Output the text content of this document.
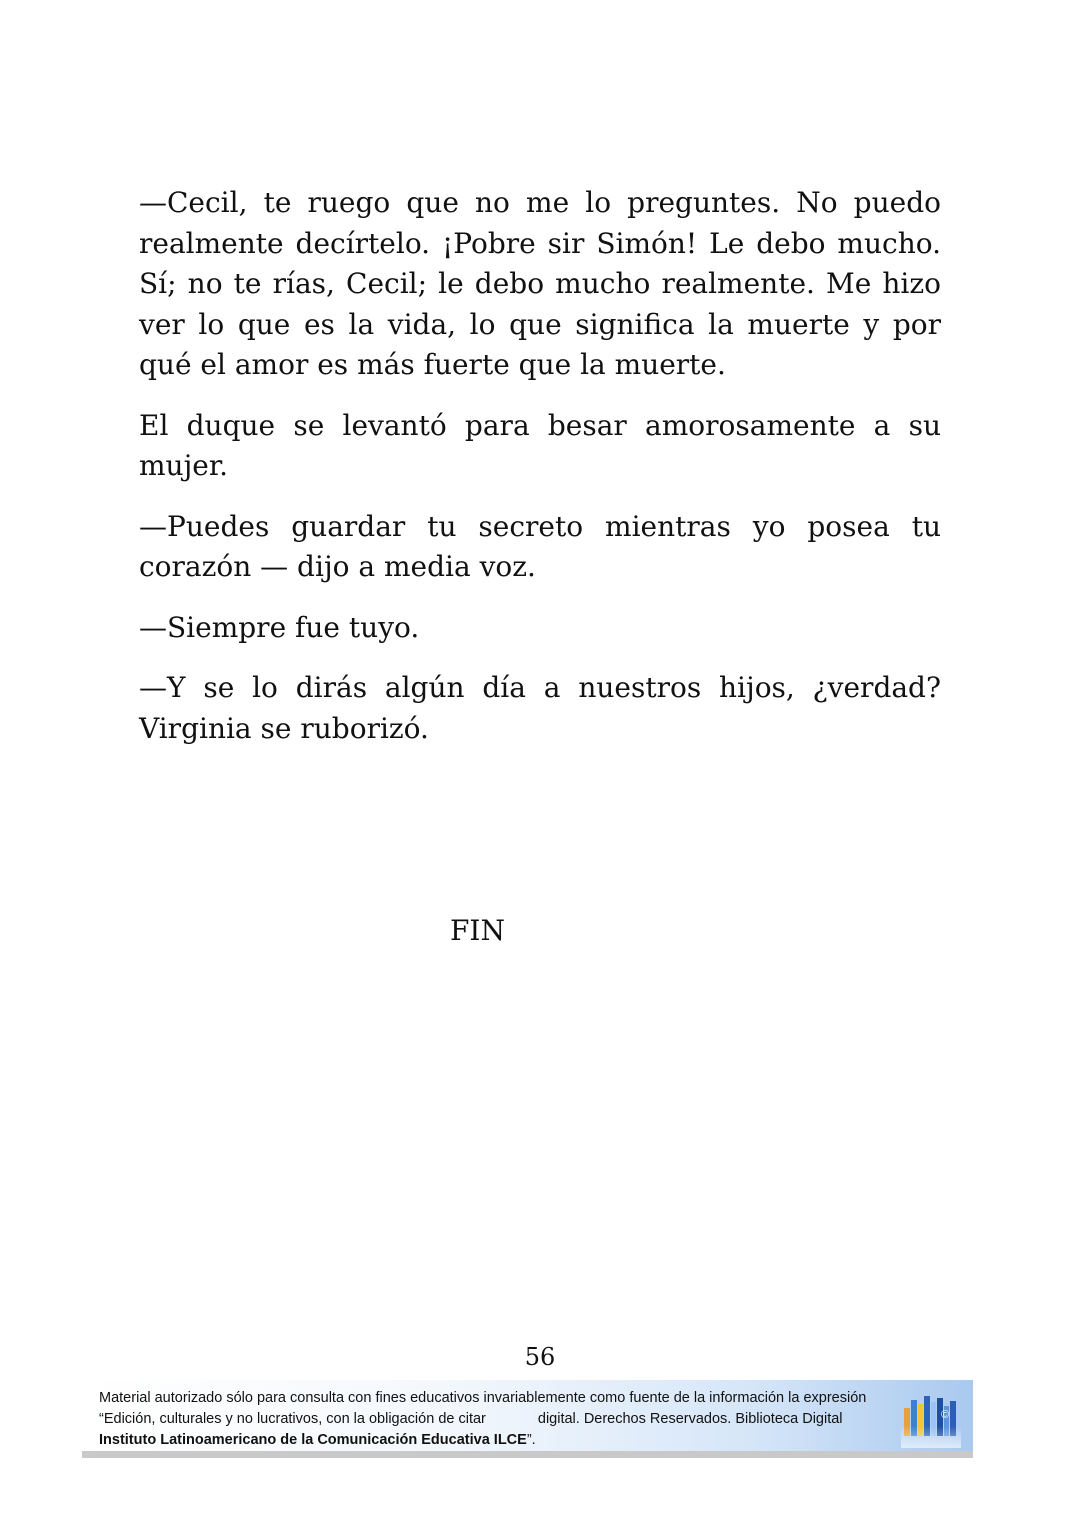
—Cecil, te ruego que no me lo preguntes. No puedo realmente decírtelo. ¡Pobre sir Simón! Le debo mucho. Sí; no te rías, Cecil; le debo mucho realmente. Me hizo ver lo que es la vida, lo que significa la muerte y por qué el amor es más fuerte que la muerte.

El duque se levantó para besar amorosamente a su mujer.

—Puedes guardar tu secreto mientras yo posea tu corazón — dijo a media voz.

—Siempre fue tuyo.

—Y se lo dirás algún día a nuestros hijos, ¿verdad? Virginia se ruborizó.

FIN
56
Material autorizado sólo para consulta con fines educativos invariablemente como fuente de la información la expresión
“Edición, culturales y no lucrativos, con la obligación de citar	digital. Derechos Reservados. Biblioteca Digital
Instituto Latinoamericano de la Comunicación Educativa ILCE”.
©
